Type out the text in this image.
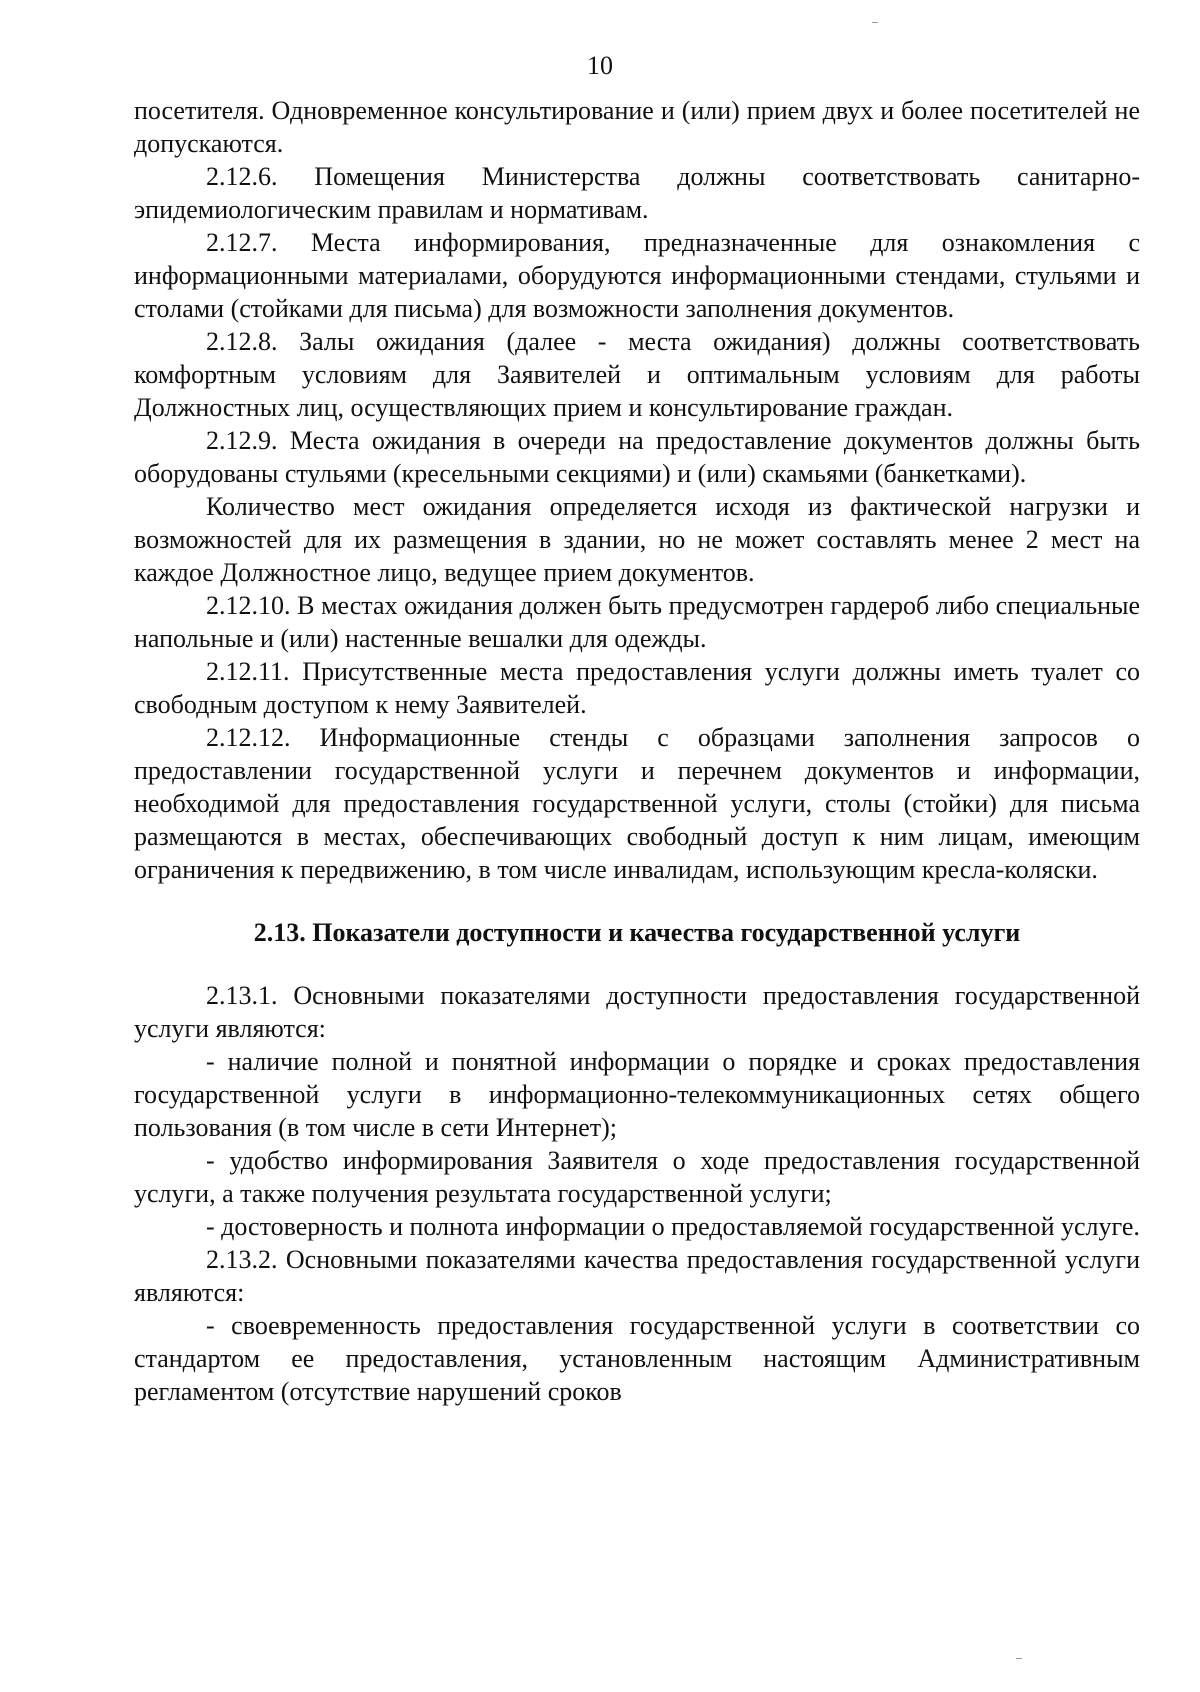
10

посетителя. Одновременное консультирование и (или) прием двух и более посетителей не допускаются.

2.12.6. Помещения Министерства должны соответствовать санитарно-эпидемиологическим правилам и нормативам.

2.12.7. Места информирования, предназначенные для ознакомления с информационными материалами, оборудуются информационными стендами, стульями и столами (стойками для письма) для возможности заполнения документов.

2.12.8. Залы ожидания (далее - места ожидания) должны соответствовать комфортным условиям для Заявителей и оптимальным условиям для работы Должностных лиц, осуществляющих прием и консультирование граждан.

2.12.9. Места ожидания в очереди на предоставление документов должны быть оборудованы стульями (кресельными секциями) и (или) скамьями (банкетками).

Количество мест ожидания определяется исходя из фактической нагрузки и возможностей для их размещения в здании, но не может составлять менее 2 мест на каждое Должностное лицо, ведущее прием документов.

2.12.10. В местах ожидания должен быть предусмотрен гардероб либо специальные напольные и (или) настенные вешалки для одежды.

2.12.11. Присутственные места предоставления услуги должны иметь туалет со свободным доступом к нему Заявителей.

2.12.12. Информационные стенды с образцами заполнения запросов о предоставлении государственной услуги и перечнем документов и информации, необходимой для предоставления государственной услуги, столы (стойки) для письма размещаются в местах, обеспечивающих свободный доступ к ним лицам, имеющим ограничения к передвижению, в том числе инвалидам, использующим кресла-коляски.

2.13. Показатели доступности и качества государственной услуги

2.13.1. Основными показателями доступности предоставления государственной услуги являются:

- наличие полной и понятной информации о порядке и сроках предоставления государственной услуги в информационно-телекоммуникационных сетях общего пользования (в том числе в сети Интернет);

- удобство информирования Заявителя о ходе предоставления государственной услуги, а также получения результата государственной услуги;

- достоверность и полнота информации о предоставляемой государственной услуге.

2.13.2. Основными показателями качества предоставления государственной услуги являются:

- своевременность предоставления государственной услуги в соответствии со стандартом ее предоставления, установленным настоящим Административным регламентом (отсутствие нарушений сроков
